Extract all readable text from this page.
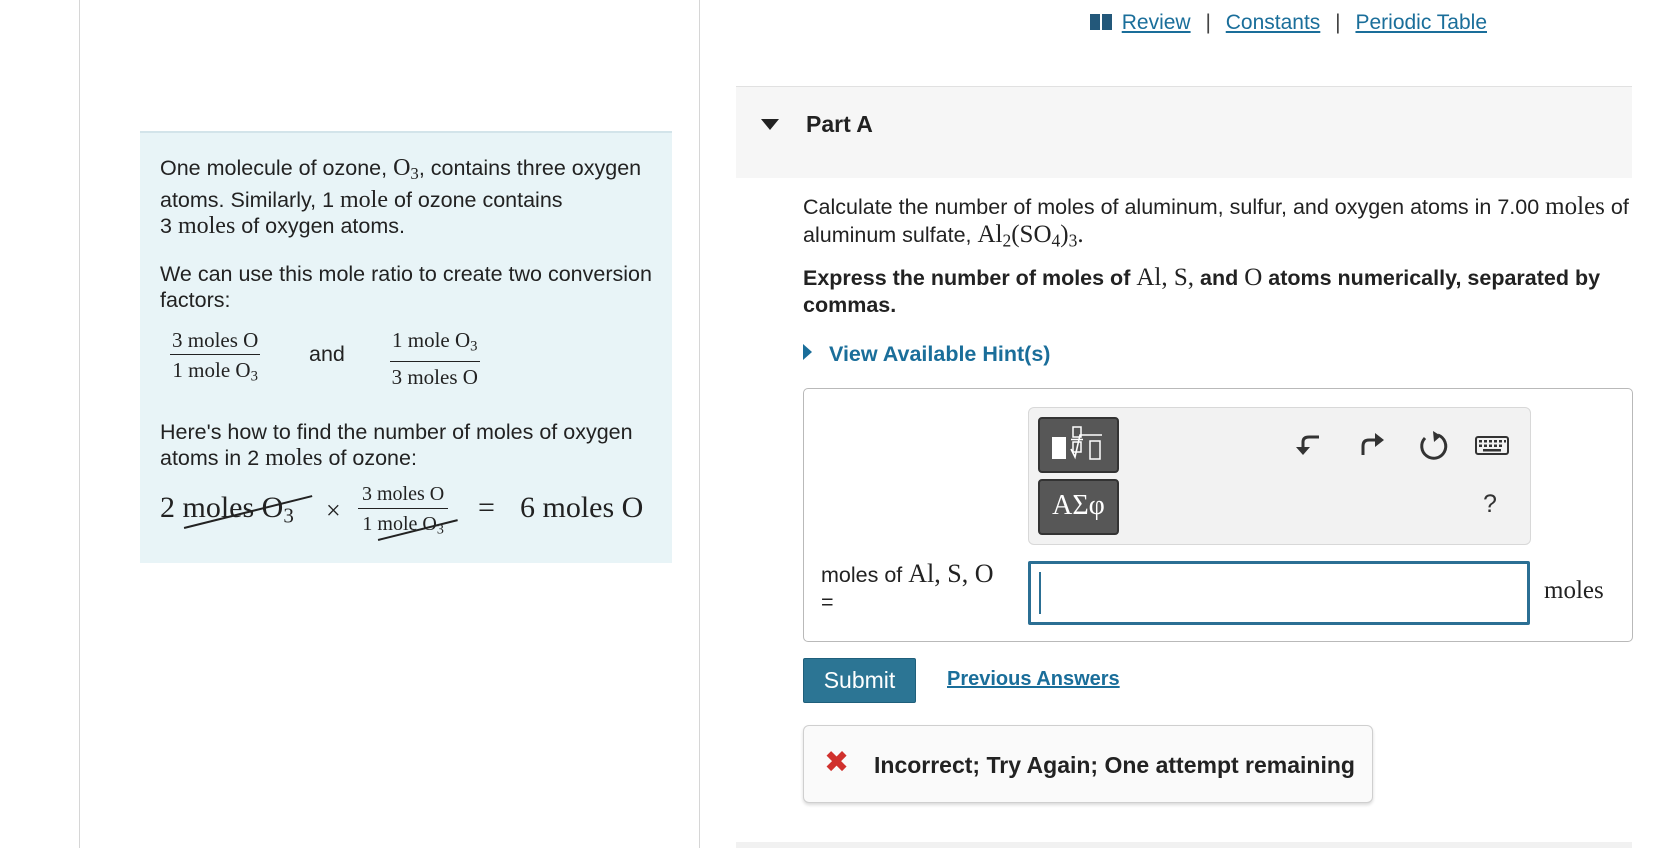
One molecule of ozone, $O_3$, contains three oxygen atoms. Similarly, 1 mole of ozone contains
3 moles of oxygen atoms.

We can use this mole ratio to create two conversion factors:

3 moles O
1 mole $O_3$
and
1 mole $O_3$
3 moles O

Here's how to find the number of moles of oxygen atoms in 2 moles of ozone:

2 moles $O_3$ ×
3 moles O
1 mole $O_3$
= 6 moles O
Review | Constants | Periodic Table
Part A
Calculate the number of moles of aluminum, sulfur, and oxygen atoms in 7.00 moles of aluminum sulfate, $Al_2(SO_4)_3$.
Express the number of moles of Al, S, and O atoms numerically, separated by commas.
View Available Hint(s)
ΑΣφ	?
moles of Al, S, O
=	moles
Submit	Previous Answers
✖ Incorrect; Try Again; One attempt remaining
